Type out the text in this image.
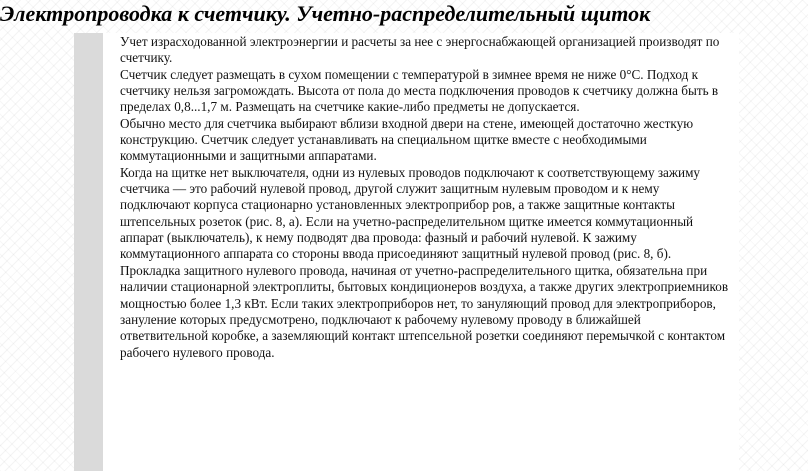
Электропроводка к счетчику. Учетно-распределительный щиток

Учет израсходованной электроэнергии и расчеты за нее с энергоснабжающей организацией производят по счетчику.

Счетчик следует размещать в сухом помещении с температурой в зимнее время не ниже 0°С. Подход к счетчику нельзя загромождать. Высота от пола до места подключения проводов к счетчику должна быть в пределах 0,8...1,7 м. Размещать на счетчике какие-либо предметы не допускается.

Обычно место для счетчика выбирают вблизи входной двери на стене, имеющей достаточно жесткую конструкцию. Счетчик следует устанавливать на специальном щитке вместе с необходимыми коммутационными и защитными аппаратами.

Когда на щитке нет выключателя, одни из нулевых проводов подключают к соответствующему зажиму счетчика — это рабочий нулевой провод, другой служит защитным нулевым проводом и к нему подключают корпуса стационарно установленных электроприбор ров, а также защитные контакты штепсельных розеток (рис. 8, а). Если на учетно-распределительном щитке имеется коммутационный аппарат (выключатель), к нему подводят два провода: фазный и рабочий нулевой. К зажиму коммутационного аппарата со стороны ввода присоединяют защитный нулевой провод (рис. 8, б).

Прокладка защитного нулевого провода, начиная от учетно-распределительного щитка, обязательна при наличии стационарной электроплиты, бытовых кондиционеров воздуха, а также других электроприемников мощностью более 1,3 кВт. Если таких электроприборов нет, то зануляющий провод для электроприборов, зануление которых предусмотрено, подключают к рабочему нулевому проводу в ближайшей ответвительной коробке, а заземляющий контакт штепсельной розетки соединяют перемычкой с контактом рабочего нулевого провода.
